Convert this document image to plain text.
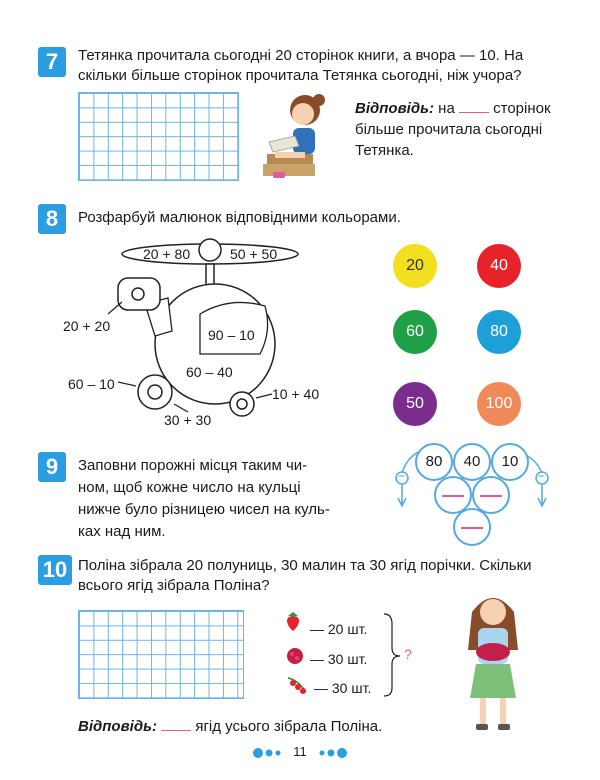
7	Тетянка прочитала сьогодні 20 сторінок книги, а вчора — 10. На
скільки більше сторінок прочитала Тетянка сьогодні, ніж учора?
Відповідь: на  сторінок
більше прочитала сьогодні
Тетянка.
8	Розфарбуй малюнок відповідними кольорами.
20 + 80	50 + 50
20 + 20
90 – 10
60 – 40
60 – 10
10 + 40
30 + 30
20	40
60	80
50	100
9	Заповни порожні місця таким чи-
ном, щоб кожне число на кульці
нижче було різницею чисел на куль-
ках над ним.
−	−
80	40	10
10 Поліна зібрала 20 полуниць, 30 малин та 30 ягід порічки. Скільки
всього ягід зібрала Поліна?
— 20 шт.
— 30 шт.
— 30 шт.
?
Відповідь:  ягід усього зібрала Поліна.
11
